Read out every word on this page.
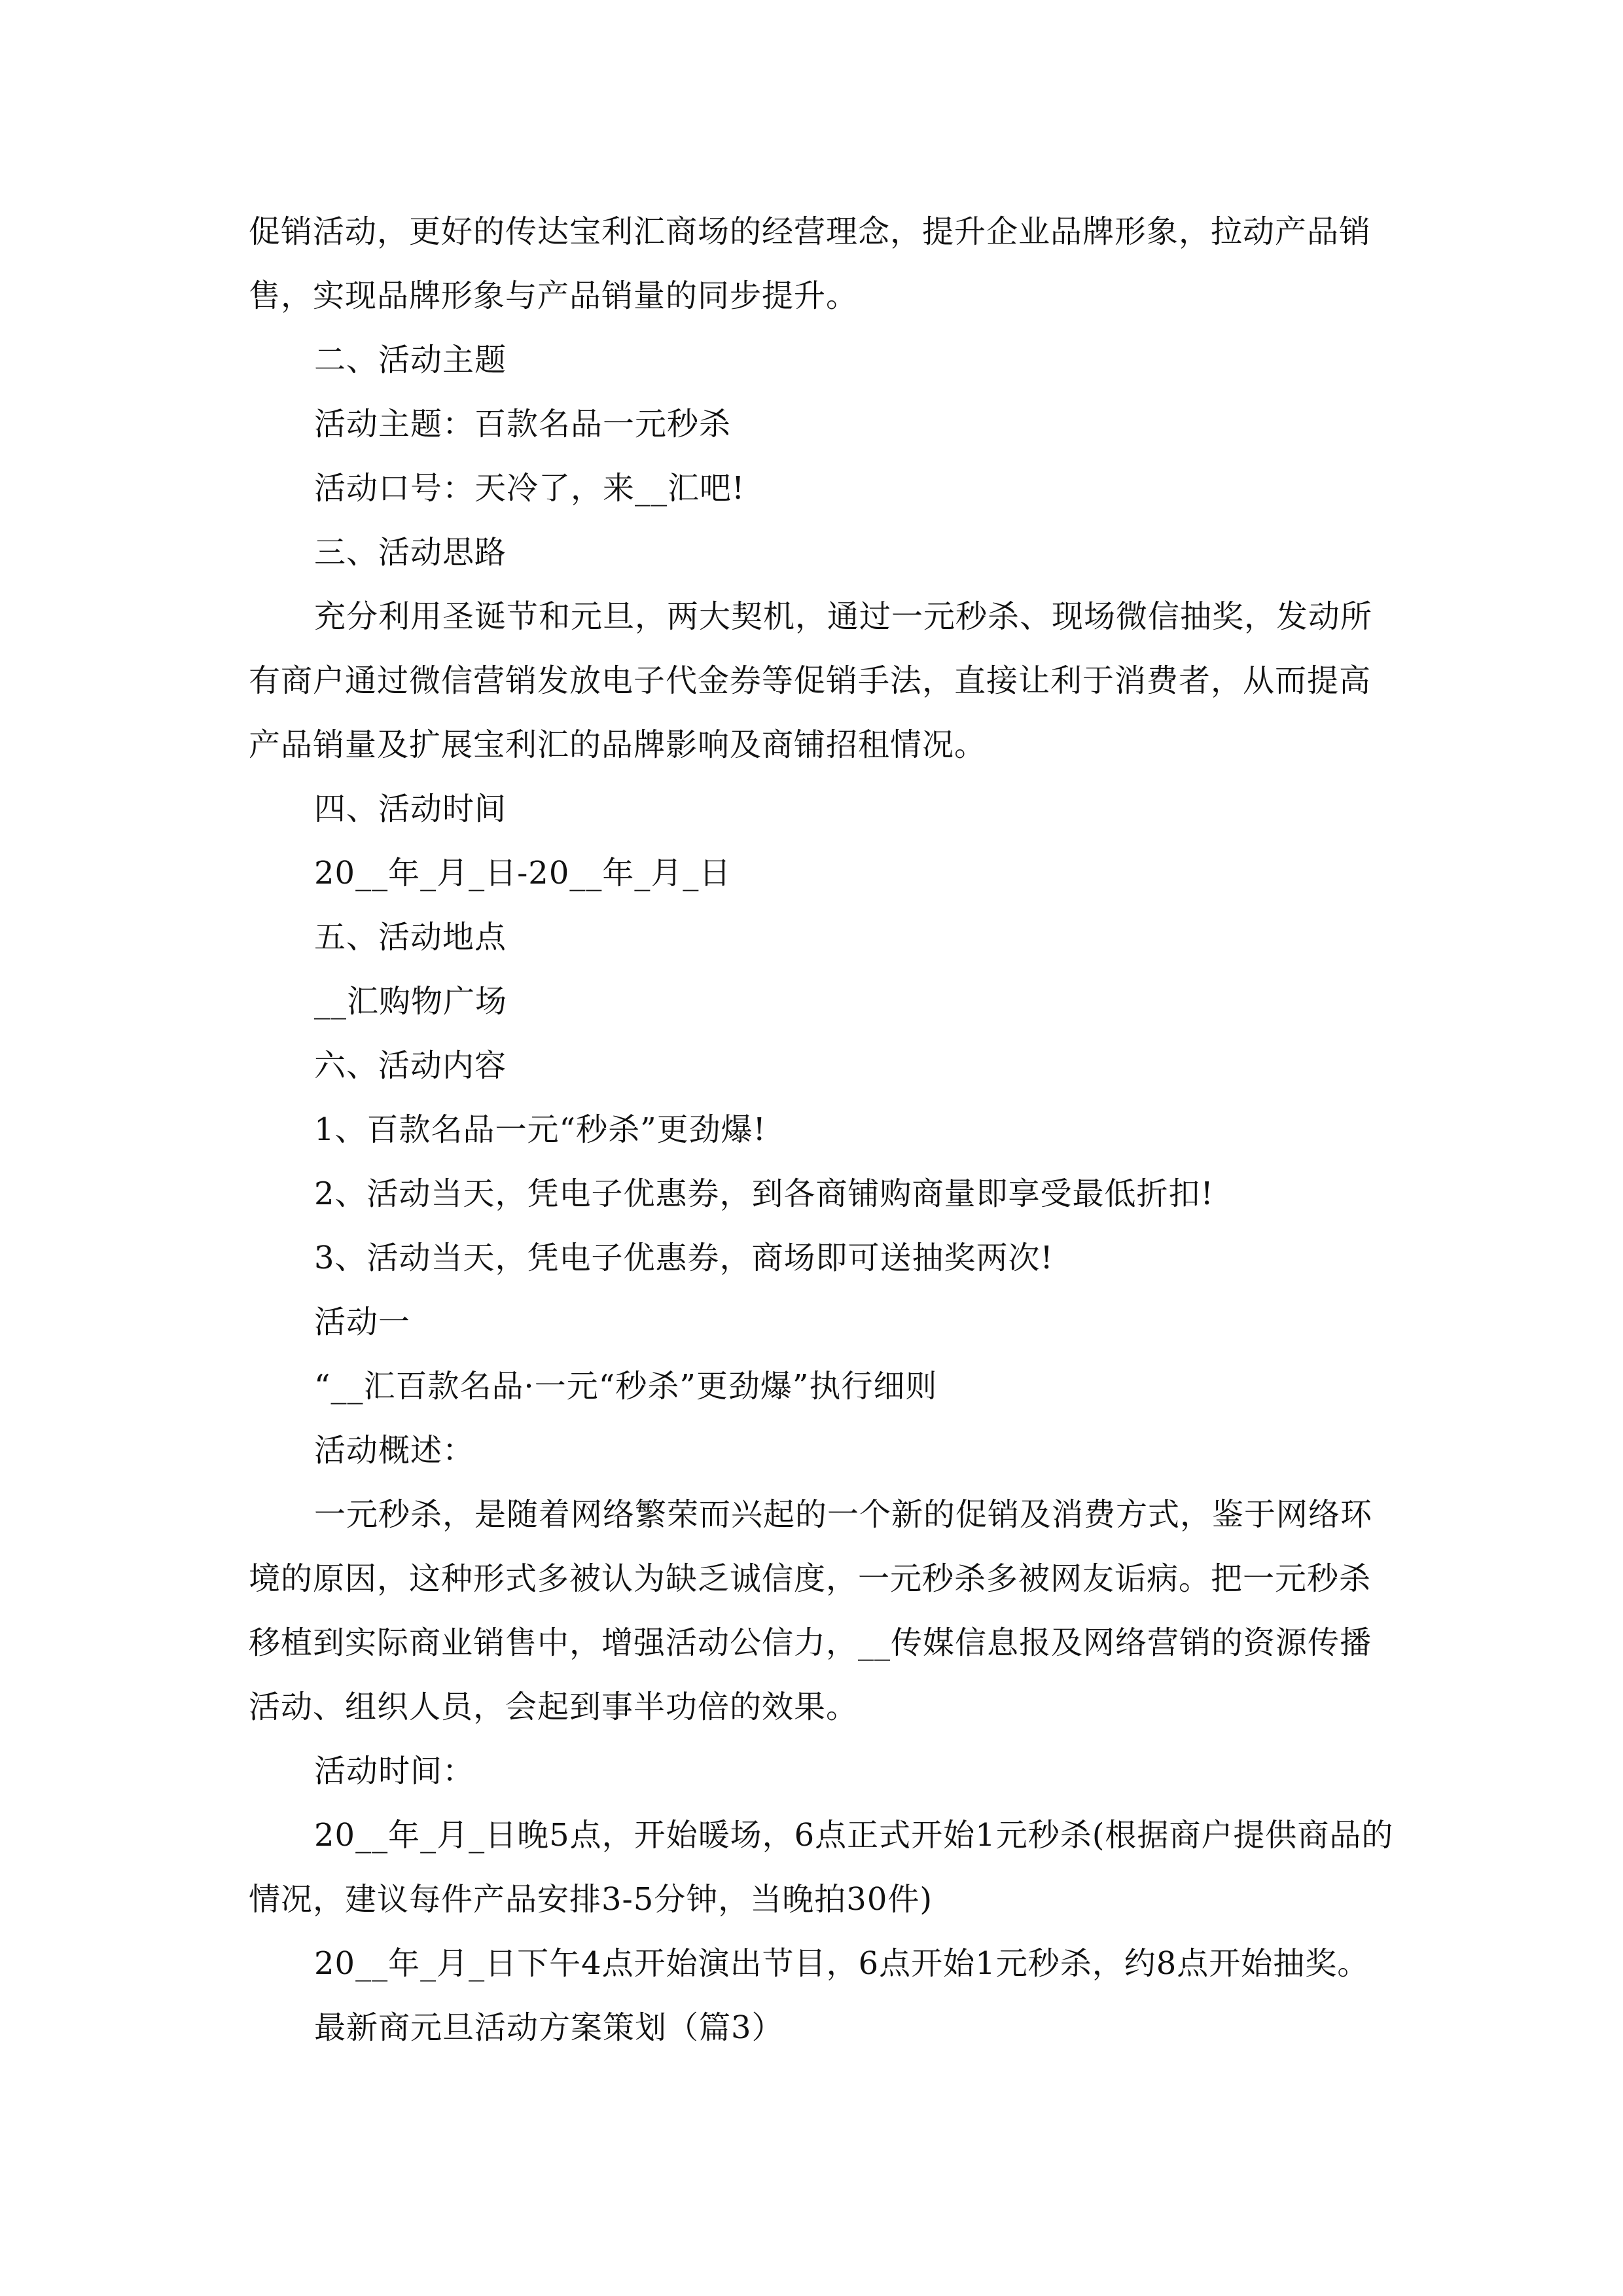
促销活动，更好的传达宝利汇商场的经营理念，提升企业品牌形象，拉动产品销售，实现品牌形象与产品销量的同步提升。

二、活动主题

活动主题：百款名品一元秒杀

活动口号：天冷了，来__汇吧!

三、活动思路

充分利用圣诞节和元旦，两大契机，通过一元秒杀、现场微信抽奖，发动所有商户通过微信营销发放电子代金券等促销手法，直接让利于消费者，从而提高产品销量及扩展宝利汇的品牌影响及商铺招租情况。

四、活动时间

20__年_月_日-20__年_月_日

五、活动地点

__汇购物广场

六、活动内容

1、百款名品一元“秒杀”更劲爆!

2、活动当天，凭电子优惠券，到各商铺购商量即享受最低折扣!

3、活动当天，凭电子优惠券，商场即可送抽奖两次!

活动一

“__汇百款名品·一元“秒杀”更劲爆”执行细则

活动概述：

一元秒杀，是随着网络繁荣而兴起的一个新的促销及消费方式，鉴于网络环境的原因，这种形式多被认为缺乏诚信度，一元秒杀多被网友诟病。把一元秒杀移植到实际商业销售中，增强活动公信力，__传媒信息报及网络营销的资源传播活动、组织人员，会起到事半功倍的效果。

活动时间：

20__年_月_日晚5点，开始暖场，6点正式开始1元秒杀(根据商户提供商品的情况，建议每件产品安排3-5分钟，当晚拍30件)

20__年_月_日下午4点开始演出节目，6点开始1元秒杀，约8点开始抽奖。

最新商元旦活动方案策划（篇3）
